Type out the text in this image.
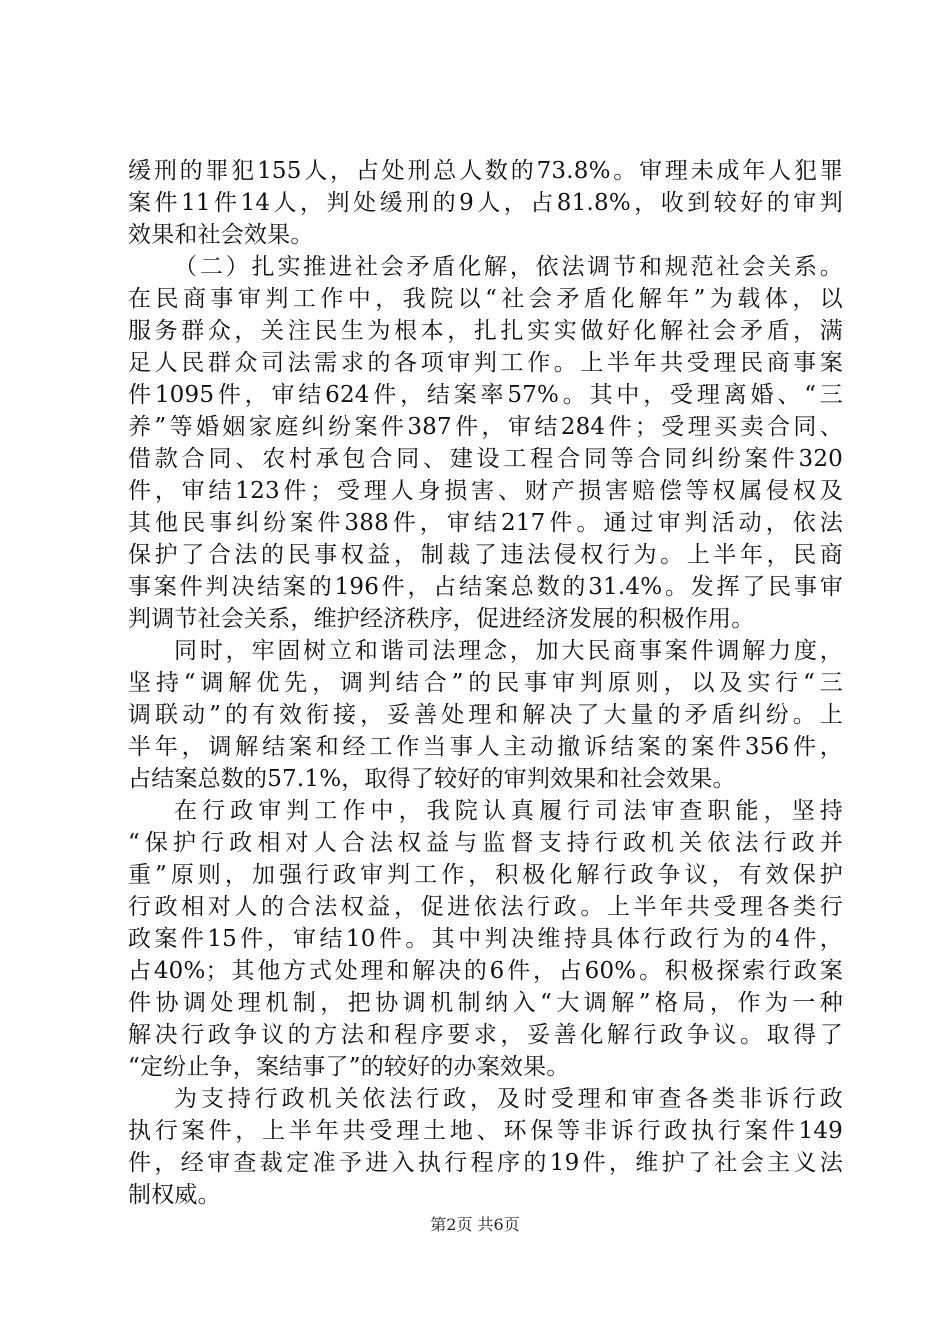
缓刑的罪犯155人，占处刑总人数的73.8%。审理未成年人犯罪
案件11件14人，判处缓刑的9人，占81.8%，收到较好的审判
效果和社会效果。
（二）扎实推进社会矛盾化解，依法调节和规范社会关系。
在民商事审判工作中，我院以“社会矛盾化解年”为载体，以
服务群众，关注民生为根本，扎扎实实做好化解社会矛盾，满
足人民群众司法需求的各项审判工作。上半年共受理民商事案
件1095件，审结624件，结案率57%。其中，受理离婚、“三
养”等婚姻家庭纠纷案件387件，审结284件；受理买卖合同、
借款合同、农村承包合同、建设工程合同等合同纠纷案件320
件，审结123件；受理人身损害、财产损害赔偿等权属侵权及
其他民事纠纷案件388件，审结217件。通过审判活动，依法
保护了合法的民事权益，制裁了违法侵权行为。上半年，民商
事案件判决结案的196件，占结案总数的31.4%。发挥了民事审
判调节社会关系，维护经济秩序，促进经济发展的积极作用。
同时，牢固树立和谐司法理念，加大民商事案件调解力度，
坚持“调解优先，调判结合”的民事审判原则，以及实行“三
调联动”的有效衔接，妥善处理和解决了大量的矛盾纠纷。上
半年，调解结案和经工作当事人主动撤诉结案的案件356件，
占结案总数的57.1%，取得了较好的审判效果和社会效果。
在行政审判工作中，我院认真履行司法审查职能，坚持
“保护行政相对人合法权益与监督支持行政机关依法行政并
重”原则，加强行政审判工作，积极化解行政争议，有效保护
行政相对人的合法权益，促进依法行政。上半年共受理各类行
政案件15件，审结10件。其中判决维持具体行政行为的4件，
占40%；其他方式处理和解决的6件，占60%。积极探索行政案
件协调处理机制，把协调机制纳入“大调解”格局，作为一种
解决行政争议的方法和程序要求，妥善化解行政争议。取得了
“定纷止争，案结事了”的较好的办案效果。
为支持行政机关依法行政，及时受理和审查各类非诉行政
执行案件，上半年共受理土地、环保等非诉行政执行案件149
件，经审查裁定准予进入执行程序的19件，维护了社会主义法
制权威。
第2页 共6页
